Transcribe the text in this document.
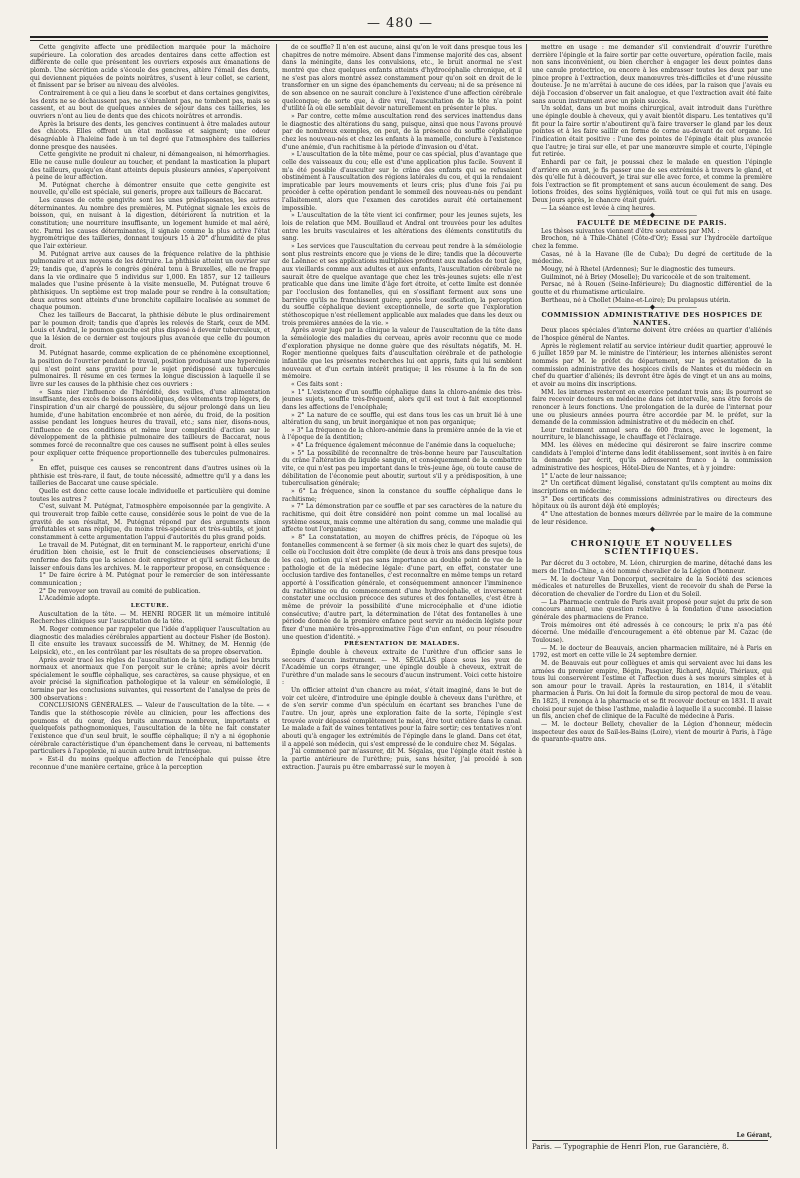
— 480 —

Cette gengivite affecte une prédilection marquée pour la mâchoire supérieure. La coloration des arcades dentaires dans cette affection est différente de celle que présentent les ouvriers exposés aux émanations de plomb. Une sécrétion acide s'écoule des gencives, altère l'émail des dents, qui deviennent piquées de points noirâtres, s'usent à leur collet, se carient, et finissent par se briser au niveau des alvéoles.

Contrairement à ce qui a lieu dans le scorbut et dans certaines gengivites, les dents ne se déchaussent pas, ne s'ébranlent pas, ne tombent pas, mais se cassent, et au bout de quelques années de séjour dans ces tailleries, les ouvriers n'ont au lieu de dents que des chicots noirâtres et arrondis.

Après la brisure des dents, les gencives continuent à être malades autour des chicots. Elles offrent un état mollasse et saignent; une odeur désagréable à l'haleine fade à un tel degré que l'atmosphère des tailleries donne presque des nausées.

Cette gengivite ne produit ni chaleur, ni démangeaison, ni hémorrhagies. Elle ne cause nulle douleur au toucher, et pendant la mastication la plupart des tailleurs, quoiqu'en étant atteints depuis plusieurs années, s'aperçoivent à peine de leur affection.

M. Putégnat cherche à démontrer ensuite que cette gengivite est nouvelle, qu'elle est spéciale, sui generis, propre aux tailleurs de Baccarat.

Les causes de cette gengivite sont les unes prédisposantes, les autres déterminantes. Au nombre des premières, M. Putégnat signale les excès de boisson, qui, en nuisant à la digestion, détériorent la nutrition et la constitution; une nourriture insuffisante, un logement humide et mal aéré, etc. Parmi les causes déterminantes, il signale comme la plus active l'état hygrométrique des tailleries, donnant toujours 15 à 20° d'humidité de plus que l'air extérieur.

M. Putégnat arrive aux causes de la fréquence relative de la phthisie pulmonaire et aux moyens de les détruire. La phthisie atteint un ouvrier sur 29; tandis que, d'après le congrès général tenu à Bruxelles, elle ne frappe dans la vie ordinaire que 5 individus sur 1,000. En 1857, sur 12 tailleurs malades que l'usine présente à la visite mensuelle, M. Putégnat trouve 6 phthisiques. Un septième est trop malade pour se rendre à la consultation; deux autres sont atteints d'une bronchite capillaire localisée au sommet de chaque poumon.

Chez les tailleurs de Baccarat, la phthisie débute le plus ordinairement par le poumon droit; tandis que d'après les relevés de Stark, ceux de MM. Louis et Andral, le poumon gauche est plus disposé à devenir tuberculeux, et que la lésion de ce dernier est toujours plus avancée que celle du poumon droit.

M. Putégnat hasarde, comme explication de ce phénomène exceptionnel, la position de l'ouvrier pendant le travail, position produisant une hyperémie qui n'est point sans gravité pour le sujet prédisposé aux tubercules pulmonaires. Il résume en ces termes la longue discussion à laquelle il se livre sur les causes de la phthisie chez ces ouvriers :

« Sans nier l'influence de l'hérédité, des veilles, d'une alimentation insuffisante, des excès de boissons alcooliques, des vêtements trop légers, de l'inspiration d'un air chargé de poussière, du séjour prolongé dans un lieu humide, d'une habitation encombrée et non aérée, du froid, de la position assise pendant les longues heures du travail, etc.; sans nier, disons-nous, l'influence de ces conditions et même leur complexité d'action sur le développement de la phthisie pulmonaire des tailleurs de Baccarat, nous sommes forcé de reconnaître que ces causes ne suffisent point à elles seules pour expliquer cette fréquence proportionnelle des tubercules pulmonaires. »

En effet, puisque ces causes se rencontrent dans d'autres usines où la phthisie est très-rare, il faut, de toute nécessité, admettre qu'il y a dans les tailleries de Baccarat une cause spéciale.

Quelle est donc cette cause locale individuelle et particulière qui domine toutes les autres ?

C'est, suivant M. Putégnat, l'atmosphère empoisonnée par la gengivite. A qui trouverait trop faible cette cause, considérée sous le point de vue de la gravité de son résultat, M. Putégnat répond par des arguments sinon irréfutables et sans réplique, du moins très-spécieux et très-subtils, et joint constamment à cette argumentation l'appui d'autorités du plus grand poids.

Le travail de M. Putégnat, dit en terminant M. le rapporteur, enrichi d'une érudition bien choisie, est le fruit de consciencieuses observations; il renferme des faits que la science doit enregistrer et qu'il serait fâcheux de laisser enfouis dans les archives. M. le rapporteur propose, en conséquence :

1° De faire écrire à M. Putégnat pour le remercier de son intéressante communication ;

2° De renvoyer son travail au comité de publication.

L'Académie adopte.

LECTURE.

Auscultation de la tête. — M. HENRI ROGER lit un mémoire intitulé Recherches cliniques sur l'auscultation de la tête.

M. Roger commence par rappeler que l'idée d'appliquer l'auscultation au diagnostic des maladies cérébrales appartient au docteur Fisher (de Boston). Il cite ensuite les travaux successifs de M. Whitney, de M. Hennig (de Leipsick), etc., en les contrôlant par les résultats de sa propre observation.

Après avoir tracé les règles de l'auscultation de la tête, indiqué les bruits normaux et anormaux que l'on perçoit sur le crâne; après avoir décrit spécialement le souffle céphalique, ses caractères, sa cause physique, et en avoir précisé la signification pathologique et la valeur en séméiologie, il termine par les conclusions suivantes, qui ressortent de l'analyse de près de 300 observations :

CONCLUSIONS GÉNÉRALES. — Valeur de l'auscultation de la tête. — « Tandis que la stéthoscopie révèle au clinicien, pour les affections des poumons et du cœur, des bruits anormaux nombreux, importants et quelquefois pathognomoniques, l'auscultation de la tête ne fait constater l'existence que d'un seul bruit, le souffle céphalique; il n'y a ni égophonie cérébrale caractéristique d'un épanchement dans le cerveau, ni battements particuliers à l'apoplexie, ni aucun autre bruit intrinsèque.

» Est-il du moins quelque affection de l'encéphale qui puisse être reconnue d'une manière certaine, grâce à la perception

de ce souffle? Il n'en est aucune, ainsi qu'on le voit dans presque tous les chapitres de notre mémoire. Absent dans l'immense majorité des cas, absent dans la méningite, dans les convulsions, etc., le bruit anormal ne s'est montré que chez quelques enfants atteints d'hydrocéphalie chronique, et il ne s'est pas alors montré assez constamment pour qu'on soit en droit de le transformer en un signe des épanchements du cerveau; ni de sa présence ni de son absence on ne saurait conclure à l'existence d'une affection cérébrale quelconque; de sorte que, à dire vrai, l'auscultation de la tête n'a point d'utilité là où elle semblait devoir naturellement en présenter le plus.

» Par contre, cette même auscultation rend des services inattendus dans le diagnostic des altérations du sang, puisque, ainsi que nous l'avons prouvé par de nombreux exemples, on peut, de la présence du souffle céphalique chez les nouveau-nés et chez les enfants à la mamelle, conclure à l'existence d'une anémie, d'un rachitisme à la période d'invasion ou d'état.

» L'auscultation de la tête même, pour ce cas spécial, plus d'avantage que celle des vaisseaux du cou; elle est d'une application plus facile. Souvent il m'a été possible d'ausculter sur le crâne des enfants qui se refusaient obstinément à l'auscultation des régions latérales du cou, et qui la rendaient impraticable par leurs mouvements et leurs cris; plus d'une fois j'ai pu procéder à cette opération pendant le sommeil des nouveau-nés ou pendant l'allaitement, alors que l'examen des carotides aurait été certainement impossible.

» L'auscultation de la tête vient ici confirmer, pour les jeunes sujets, les lois de relation que MM. Bouillaud et Andral ont trouvées pour les adultes entre les bruits vasculaires et les altérations des éléments constitutifs du sang.

» Les services que l'auscultation du cerveau peut rendre à la séméiologie sont plus restreints encore que je viens de le dire; tandis que la découverte de Laënnec et ses applications multipliées profitent aux malades de tout âge, aux vieillards comme aux adultes et aux enfants, l'auscultation cérébrale ne saurait être de quelque avantage que chez les très-jeunes sujets: elle n'est praticable que dans une limite d'âge fort étroite, et cette limite est donnée par l'occlusion des fontanelles, qui en s'ossifiant ferment aux sons une barrière qu'ils ne franchissent guère; après leur ossification, la perception du souffle céphalique devient exceptionnelle, de sorte que l'exploration stéthoscopique n'est réellement applicable aux malades que dans les deux ou trois premières années de la vie. »

Après avoir jugé par la clinique la valeur de l'auscultation de la tête dans la séméiologie des maladies du cerveau, après avoir reconnu que ce mode d'exploration physique ne donne guère que des résultats négatifs, M. H. Roger mentionne quelques faits d'auscultation cérébrale et de pathologie infantile que les présentes recherches lui ont appris, faits qui lui semblent nouveaux et d'un certain intérêt pratique; il les résume à la fin de son mémoire.

« Ces faits sont :

» 1° L'existence d'un souffle céphalique dans la chloro-anémie des très-jeunes sujets, souffle très-fréquent, alors qu'il est tout à fait exceptionnel dans les affections de l'encéphale;

» 2° La nature de ce souffle, qui est dans tous les cas un bruit lié à une altération du sang, un bruit inorganique et non pas organique;

» 3° La fréquence de la chloro-anémie dans la première année de la vie et à l'époque de la dentition;

» 4° La fréquence également méconnue de l'anémie dans la coqueluche;

» 5° La possibilité de reconnaître de très-bonne heure par l'auscultation du crâne l'altération du liquide sanguin, et conséquemment de la combattre vite, ce qui n'est pas peu important dans le très-jeune âge, où toute cause de débilitation de l'économie peut aboutir, surtout s'il y a prédisposition, à une tuberculisation générale;

» 6° La fréquence, sinon la constance du souffle céphalique dans le rachitisme;

» 7° La démonstration par ce souffle et par ses caractères de la nature du rachitisme, qui doit être considéré non point comme un mal localisé au système osseux, mais comme une altération du sang, comme une maladie qui affecte tout l'organisme;

» 8° La constatation, au moyen de chiffres précis, de l'époque où les fontanelles commencent à se fermer (à six mois chez le quart des sujets), de celle où l'occlusion doit être complète (de deux à trois ans dans presque tous les cas), notion qui n'est pas sans importance au double point de vue de la pathologie et de la médecine légale: d'une part, en effet, constater une occlusion tardive des fontanelles, c'est reconnaître en même temps un retard apporté à l'ossification générale, et conséquemment annoncer l'imminence du rachitisme ou du commencement d'une hydrocéphalie, et inversement constater une occlusion précoce des sutures et des fontanelles, c'est être à même de prévoir la possibilité d'une microcéphalie et d'une idiotie consécutive; d'autre part, la détermination de l'état des fontanelles à une période donnée de la première enfance peut servir au médecin légiste pour fixer d'une manière très-approximative l'âge d'un enfant, ou pour résoudre une question d'identité. »

PRÉSENTATION DE MALADES.

Épingle double à cheveux extraite de l'urèthre d'un officier sans le secours d'aucun instrument. — M. SÉGALAS place sous les yeux de l'Académie un corps étranger, une épingle double à cheveux, extrait de l'urèthre d'un malade sans le secours d'aucun instrument. Voici cette histoire :

Un officier atteint d'un chancre au méat, s'était imaginé, dans le but de voir cet ulcère, d'introduire une épingle double à cheveux dans l'urèthre, et de s'en servir comme d'un spéculum en écartant ses branches l'une de l'autre. Un jour, après une exploration faite de la sorte, l'épingle s'est trouvée avoir dépassé complètement le méat, être tout entière dans le canal. Le malade a fait de vaines tentatives pour la faire sortir; ces tentatives n'ont abouti qu'à engager les extrémités de l'épingle dans le gland. Dans cet état, il a appelé son médecin, qui s'est empressé de le conduire chez M. Ségalas.

J'ai commencé par m'assurer, dit M. Ségalas, que l'épingle était restée à la partie antérieure de l'urèthre; puis, sans hésiter, j'ai procédé à son extraction. J'aurais pu être embarrassé sur le moyen à

mettre en usage : me demander s'il conviendrait d'ouvrir l'urèthre derrière l'épingle et la faire sortir par cette ouverture, opération facile, mais non sans inconvénient, ou bien chercher à engager les deux pointes dans une canule protectrice, ou encore à les embrasser toutes les deux par une pince propre à l'extraction, deux manœuvres très-difficiles et d'une réussite douteuse. Je ne m'arrêtai à aucune de ces idées, par la raison que j'avais eu déjà l'occasion d'observer un fait analogue, et que l'extraction avait été faite sans aucun instrument avec un plein succès.

Un soldat, dans un but moins chirurgical, avait introduit dans l'urèthre une épingle double à cheveux, qui y avait bientôt disparu. Les tentatives qu'il fit pour la faire sortir n'aboutirent qu'à faire traverser le gland par les deux pointes et à les faire saillir en forme de corne au-devant de cet organe. Ici l'indication était positive : l'une des pointes de l'épingle était plus avancée que l'autre; je tirai sur elle, et par une manœuvre simple et courte, l'épingle fut retirée.

Enhardi par ce fait, je poussai chez le malade en question l'épingle d'arrière en avant, je fis passer une de ses extrémités à travers le gland, et dès qu'elle fut à découvert, je tirai sur elle avec force, et comme la première fois l'extraction se fit promptement et sans aucun écoulement de sang. Des lotions froides, des soins hygiéniques, voilà tout ce qui fut mis en usage. Deux jours après, le chancre était guéri.

— La séance est levée à cinq heures.

———————◆———————

FACULTÉ DE MÉDECINE DE PARIS.

Les thèses suivantes viennent d'être soutenues par MM. :

Brochon, né à Thile-Châtel (Côte-d'Or); Essai sur l'hydrocèle dartoïque chez la femme.

Casas, né à la Havane (île de Cuba); Du degré de certitude de la médecine.

Mougy, né à Rhetel (Ardennes); Sur le diagnostic des tumeurs.

Guilminot, né à Briey (Moselle); Du varicocèle et de son traitement.

Persac, né à Rouen (Seine-Inférieure); Du diagnostic différentiel de la goutte et du rhumatisme articulaire.

Bertheau, né à Chollet (Maine-et-Loire); Du prolapsus utérin.

———————◆———————

COMMISSION ADMINISTRATIVE DES HOSPICES DE NANTES.

Deux places spéciales d'interne doivent être créées au quartier d'aliénés de l'hospice général de Nantes.

Après le règlement relatif au service intérieur dudit quartier, approuvé le 6 juillet 1859 par M. le ministre de l'intérieur, les internes aliénistes seront nommés par M. le préfet du département, sur la présentation de la commission administrative des hospices civils de Nantes et du médecin en chef du quartier d'aliénés; ils devront être âgés de vingt et un ans au moins, et avoir au moins dix inscriptions.

MM. les internes resteront en exercice pendant trois ans; ils pourront se faire recevoir docteurs en médecine dans cet intervalle, sans être forcés de renoncer à leurs fonctions. Une prolongation de la durée de l'internat pour une ou plusieurs années pourra être accordée par M. le préfet, sur la demande de la commission administrative et du médecin en chef.

Leur traitement annuel sera de 600 francs, avec le logement, la nourriture, le blanchissage, le chauffage et l'éclairage.

MM. les élèves en médecine qui désireront se faire inscrire comme candidats à l'emploi d'interne dans ledit établissement, sont invités à en faire la demande par écrit, qu'ils adresseront franco à la commission administrative des hospices, Hôtel-Dieu de Nantes, et à y joindre:

1° L'acte de leur naissance;

2° Un certificat dûment légalisé, constatant qu'ils comptent au moins dix inscriptions en médecine;

3° Des certificats des commissions administratives ou directeurs des hôpitaux où ils auront déjà été employés;

4° Une attestation de bonnes mœurs délivrée par le maire de la commune de leur résidence.

———————◆———————

CHRONIQUE ET NOUVELLES SCIENTIFIQUES.

Par décret du 3 octobre, M. Léon, chirurgien de marine, détaché dans les mers de l'Indo-Chine, a été nommé chevalier de la Légion d'honneur.

— M. le docteur Van Doncorput, secrétaire de la Société des sciences médicales et naturelles de Bruxelles, vient de recevoir du shah de Perse la décoration de chevalier de l'ordre du Lion et du Soleil.

— La Pharmacie centrale de Paris avait proposé pour sujet du prix de son concours annuel, une question relative à la fondation d'une association générale des pharmaciens de France.

Trois mémoires ont été adressés à ce concours; le prix n'a pas été décerné. Une médaille d'encouragement a été obtenue par M. Cazac (de Toulouse).

— M. le docteur de Beauvais, ancien pharmacien militaire, né à Paris en 1792, est mort en cette ville le 24 septembre dernier.

M. de Beauvais eut pour collègues et amis qui servaient avec lui dans les armées du premier empire, Bégin, Pasquier, Richard, Alquié, Thériaux, qui tous lui conservèrent l'estime et l'affection dues à ses mœurs simples et à son amour pour le travail. Après la restauration, en 1814, il s'établit pharmacien à Paris. On lui doit la formule du sirop pectoral de mou de veau. En 1825, il renonça à la pharmacie et se fit recevoir docteur en 1831. Il avait choisi pour sujet de thèse l'asthme, maladie à laquelle il a succombé. Il laisse un fils, ancien chef de clinique de la Faculté de médecine à Paris.

— M. le docteur Bellety, chevalier de la Légion d'honneur, médecin inspecteur des eaux de Sail-les-Bains (Loire), vient de mourir à Paris, à l'âge de quarante-quatre ans.

Le Gérant,
Paris. — Typographie de Henri Plon, rue Garancière, 8.
